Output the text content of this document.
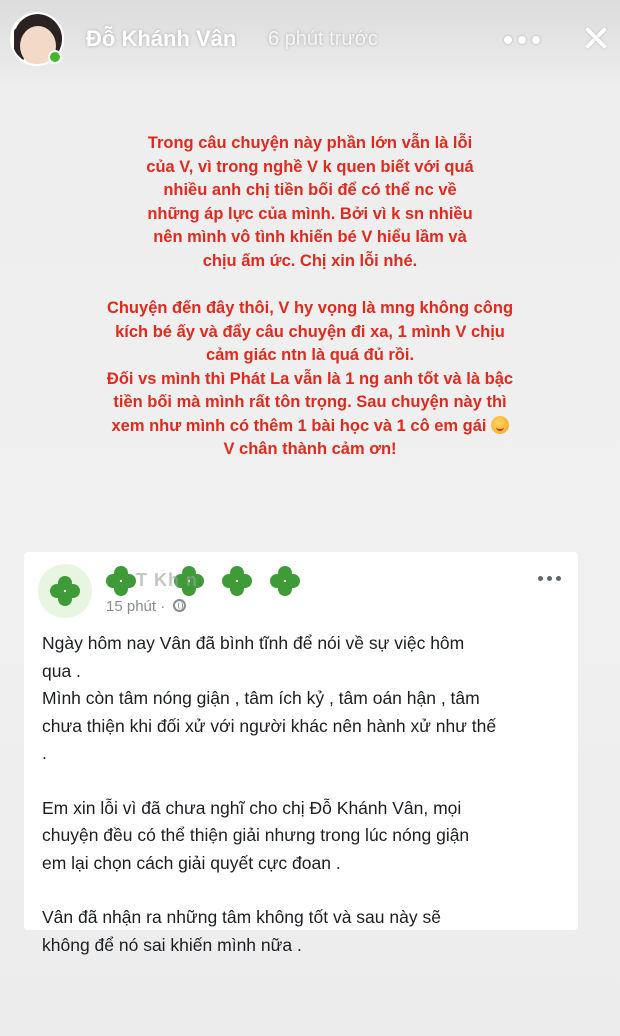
Đỗ Khánh Vân 6 phút trước

Trong câu chuyện này phần lớn vẫn là lỗi
của V, vì trong nghề V k quen biết với quá
nhiều anh chị tiền bối để có thể nc về
những áp lực của mình. Bởi vì k sn nhiều
nên mình vô tình khiến bé V hiểu lầm và
chịu ấm ức. Chị xin lỗi nhé.

Chuyện đến đây thôi, V hy vọng là mng không công
kích bé ấy và đẩy câu chuyện đi xa, 1 mình V chịu
cảm giác ntn là quá đủ rồi.
Đối vs mình thì Phát La vẫn là 1 ng anh tốt và là bậc
tiền bối mà mình rất tôn trọng. Sau chuyện này thì
xem như mình có thêm 1 bài học và 1 cô em gái
V chân thành cảm ơn!

T Kh n
15 phút ·

Ngày hôm nay Vân đã bình tĩnh để nói về sự việc hôm
qua .
Mình còn tâm nóng giận , tâm ích kỷ , tâm oán hận , tâm
chưa thiện khi đối xử với người khác nên hành xử như thế
.

Em xin lỗi vì đã chưa nghĩ cho chị Đỗ Khánh Vân, mọi
chuyện đều có thể thiện giải nhưng trong lúc nóng giận
em lại chọn cách giải quyết cực đoan .

Vân đã nhận ra những tâm không tốt và sau này sẽ
không để nó sai khiến mình nữa .
